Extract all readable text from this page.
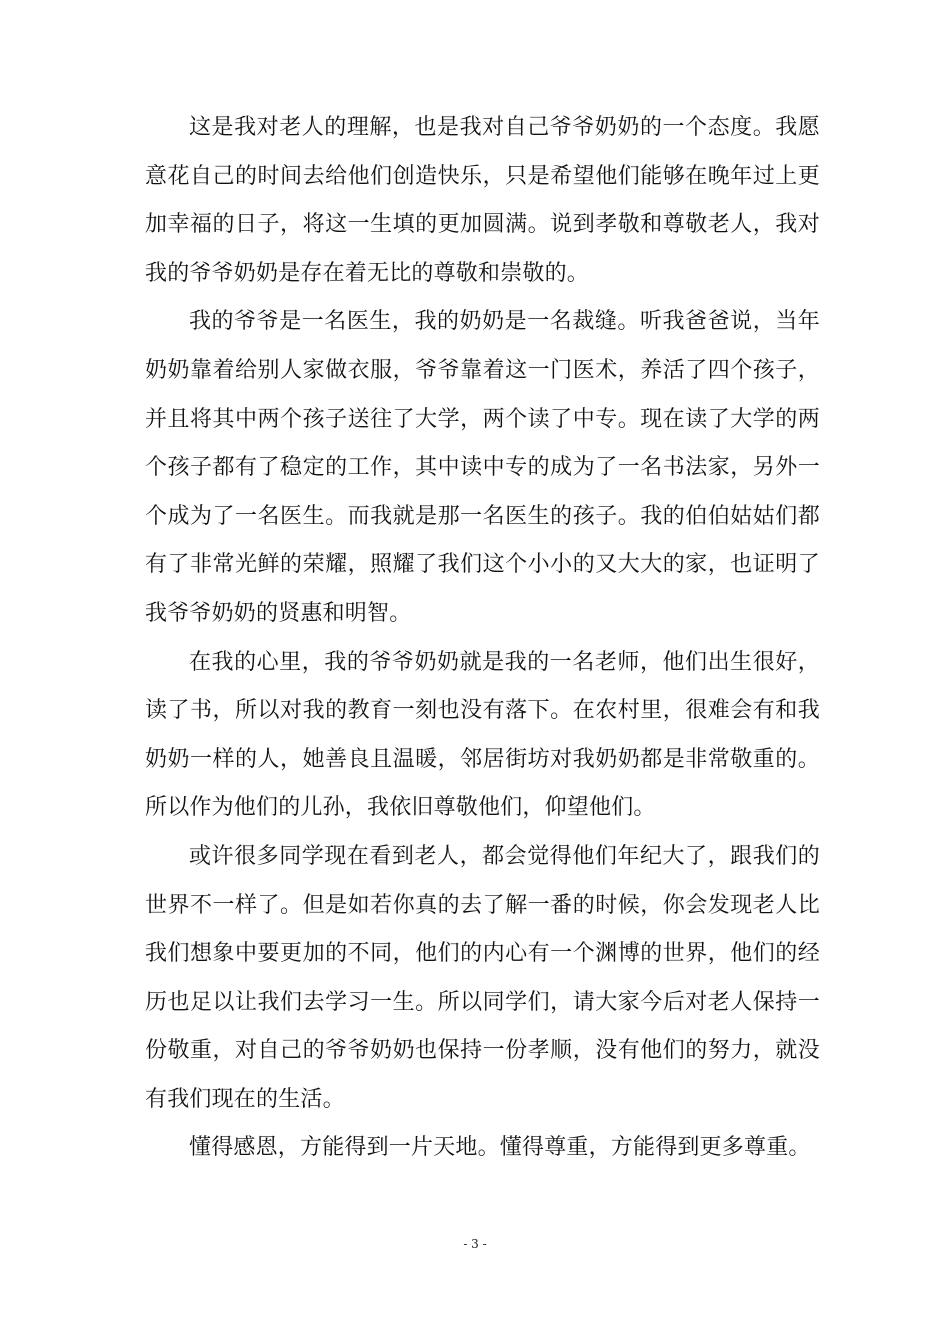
这是我对老人的理解，也是我对自己爷爷奶奶的一个态度。我愿意花自己的时间去给他们创造快乐，只是希望他们能够在晚年过上更加幸福的日子，将这一生填的更加圆满。说到孝敬和尊敬老人，我对我的爷爷奶奶是存在着无比的尊敬和崇敬的。

我的爷爷是一名医生，我的奶奶是一名裁缝。听我爸爸说，当年奶奶靠着给别人家做衣服，爷爷靠着这一门医术，养活了四个孩子，并且将其中两个孩子送往了大学，两个读了中专。现在读了大学的两个孩子都有了稳定的工作，其中读中专的成为了一名书法家，另外一个成为了一名医生。而我就是那一名医生的孩子。我的伯伯姑姑们都有了非常光鲜的荣耀，照耀了我们这个小小的又大大的家，也证明了我爷爷奶奶的贤惠和明智。

在我的心里，我的爷爷奶奶就是我的一名老师，他们出生很好，读了书，所以对我的教育一刻也没有落下。在农村里，很难会有和我奶奶一样的人，她善良且温暖，邻居街坊对我奶奶都是非常敬重的。所以作为他们的儿孙，我依旧尊敬他们，仰望他们。

或许很多同学现在看到老人，都会觉得他们年纪大了，跟我们的世界不一样了。但是如若你真的去了解一番的时候，你会发现老人比我们想象中要更加的不同，他们的内心有一个渊博的世界，他们的经历也足以让我们去学习一生。所以同学们，请大家今后对老人保持一份敬重，对自己的爷爷奶奶也保持一份孝顺，没有他们的努力，就没有我们现在的生活。

懂得感恩，方能得到一片天地。懂得尊重，方能得到更多尊重。

- 3 -
